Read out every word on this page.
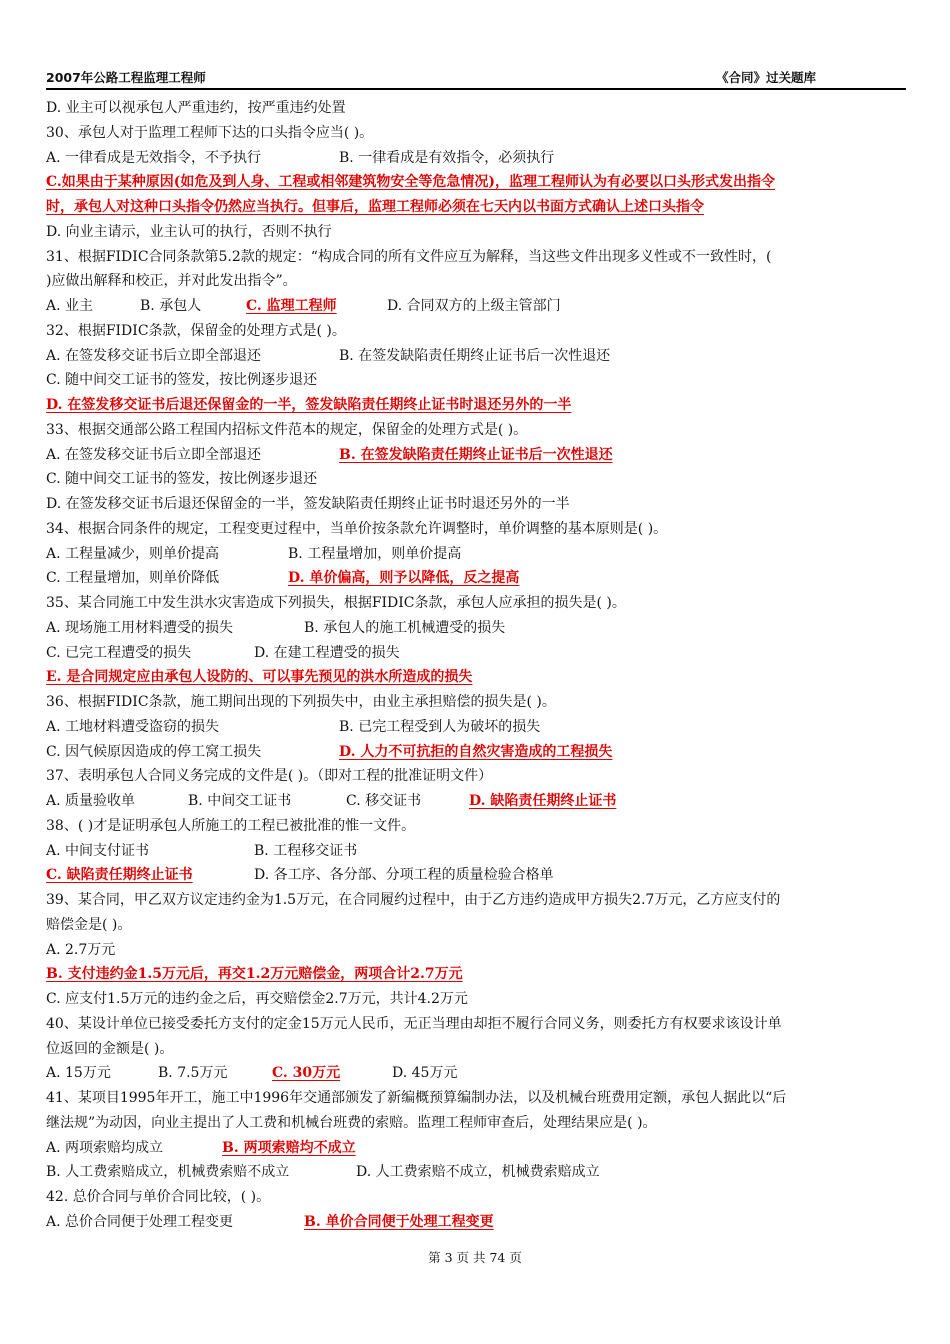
2007年公路工程监理工程师	《合同》过关题库
D. 业主可以视承包人严重违约，按严重违约处置
30、承包人对于监理工程师下达的口头指令应当( )。
A. 一律看成是无效指令，不予执行	B. 一律看成是有效指令，必须执行
C.如果由于某种原因(如危及到人身、工程或相邻建筑物安全等危急情况)，监理工程师认为有必要以口头形式发出指令
时，承包人对这种口头指令仍然应当执行。但事后，监理工程师必须在七天内以书面方式确认上述口头指令
D. 向业主请示，业主认可的执行，否则不执行
31、根据FIDIC合同条款第5.2款的规定：“构成合同的所有文件应互为解释，当这些文件出现多义性或不一致性时，(
)应做出解释和校正，并对此发出指令”。
A. 业主	B. 承包人	C. 监理工程师	D. 合同双方的上级主管部门
32、根据FIDIC条款，保留金的处理方式是( )。
A. 在签发移交证书后立即全部退还	B. 在签发缺陷责任期终止证书后一次性退还
C. 随中间交工证书的签发，按比例逐步退还
D. 在签发移交证书后退还保留金的一半，签发缺陷责任期终止证书时退还另外的一半
33、根据交通部公路工程国内招标文件范本的规定，保留金的处理方式是( )。
A. 在签发移交证书后立即全部退还	B. 在签发缺陷责任期终止证书后一次性退还
C. 随中间交工证书的签发，按比例逐步退还
D. 在签发移交证书后退还保留金的一半，签发缺陷责任期终止证书时退还另外的一半
34、根据合同条件的规定，工程变更过程中，当单价按条款允许调整时，单价调整的基本原则是( )。
A. 工程量减少，则单价提高	B. 工程量增加，则单价提高
C. 工程量增加，则单价降低	D. 单价偏高，则予以降低，反之提高
35、某合同施工中发生洪水灾害造成下列损失，根据FIDIC条款，承包人应承担的损失是( )。
A. 现场施工用材料遭受的损失	B. 承包人的施工机械遭受的损失
C. 已完工程遭受的损失	D. 在建工程遭受的损失
E. 是合同规定应由承包人设防的、可以事先预见的洪水所造成的损失
36、根据FIDIC条款，施工期间出现的下列损失中，由业主承担赔偿的损失是( )。
A. 工地材料遭受盗窃的损失	B. 已完工程受到人为破坏的损失
C. 因气候原因造成的停工窝工损失	D. 人力不可抗拒的自然灾害造成的工程损失
37、表明承包人合同义务完成的文件是( )。（即对工程的批准证明文件）
A. 质量验收单	B. 中间交工证书	C. 移交证书	D. 缺陷责任期终止证书
38、( )才是证明承包人所施工的工程已被批准的惟一文件。
A. 中间支付证书	B. 工程移交证书
C. 缺陷责任期终止证书	D. 各工序、各分部、分项工程的质量检验合格单
39、某合同，甲乙双方议定违约金为1.5万元，在合同履约过程中，由于乙方违约造成甲方损失2.7万元，乙方应支付的
赔偿金是( )。
A. 2.7万元
B. 支付违约金1.5万元后，再交1.2万元赔偿金，两项合计2.7万元
C. 应支付1.5万元的违约金之后，再交赔偿金2.7万元，共计4.2万元
40、某设计单位已接受委托方支付的定金15万元人民币，无正当理由却拒不履行合同义务，则委托方有权要求该设计单
位返回的金额是( )。
A. 15万元	B. 7.5万元	C. 30万元	D. 45万元
41、某项目1995年开工，施工中1996年交通部颁发了新编概预算编制办法，以及机械台班费用定额，承包人据此以“后
继法规”为动因，向业主提出了人工费和机械台班费的索赔。监理工程师审查后，处理结果应是( )。
A. 两项索赔均成立	B. 两项索赔均不成立
B. 人工费索赔成立，机械费索赔不成立	D. 人工费索赔不成立，机械费索赔成立
42. 总价合同与单价合同比较，( )。
A. 总价合同便于处理工程变更	B. 单价合同便于处理工程变更
第 3 页 共 74 页
